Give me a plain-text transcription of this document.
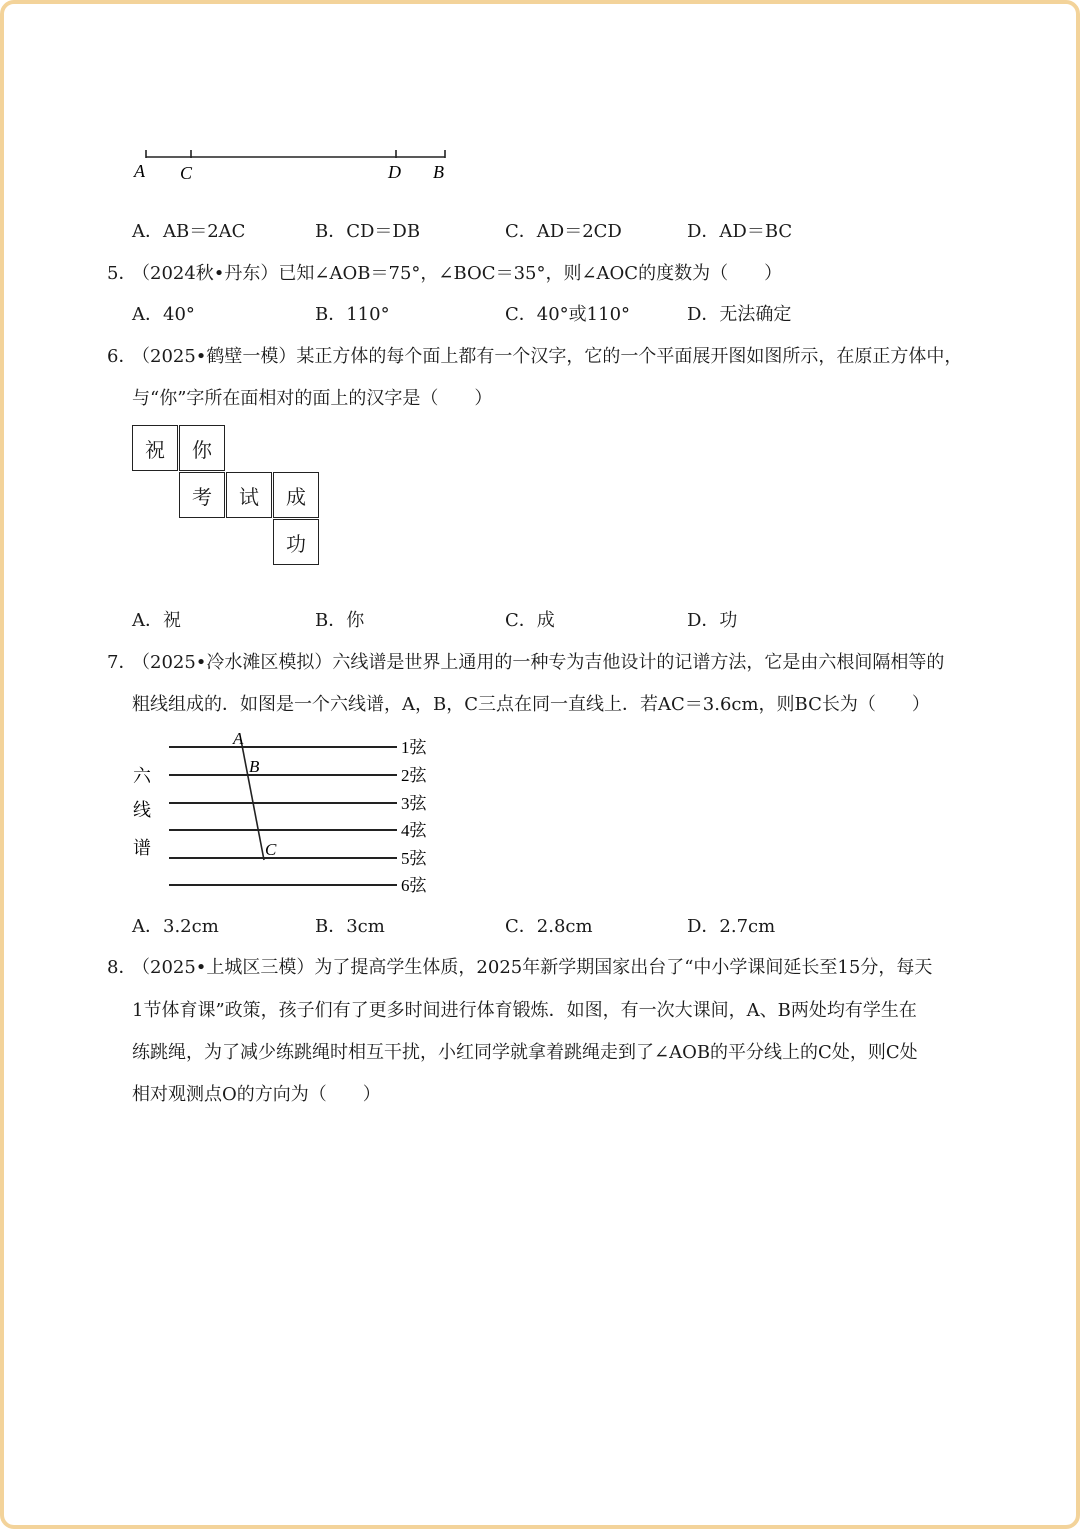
A C	D B
A．AB＝2AC	B．CD＝DB	C．AD＝2CD	D．AD＝BC
5．
（2024秋•丹东）已知∠AOB＝75°，∠BOC＝35°，则∠AOC的度数为（　　）
A．40°	B．110°	C．40°或110°	D．无法确定
6．
（2025•鹤壁一模）某正方体的每个面上都有一个汉字，它的一个平面展开图如图所示，在原正方体中，
与“你”字所在面相对的面上的汉字是（　　）
祝	你
考	试	成
功
A．祝	B．你	C．成	D．功
7．
（2025•冷水滩区模拟）六线谱是世界上通用的一种专为吉他设计的记谱方法，它是由六根间隔相等的
粗线组成的．如图是一个六线谱，A，B，C三点在同一直线上．若AC＝3.6cm，则BC长为（　　）
六
线
谱
1弦
2弦
3弦
4弦
5弦
6弦
A
B
C
A．3.2cm	B．3cm	C．2.8cm	D．2.7cm
8．
（2025•上城区三模）为了提高学生体质，2025年新学期国家出台了“中小学课间延长至15分，每天
1节体育课”政策，孩子们有了更多时间进行体育锻炼．如图，有一次大课间，A、B两处均有学生在
练跳绳，为了减少练跳绳时相互干扰，小红同学就拿着跳绳走到了∠AOB的平分线上的C处，则C处
相对观测点O的方向为（　　）
